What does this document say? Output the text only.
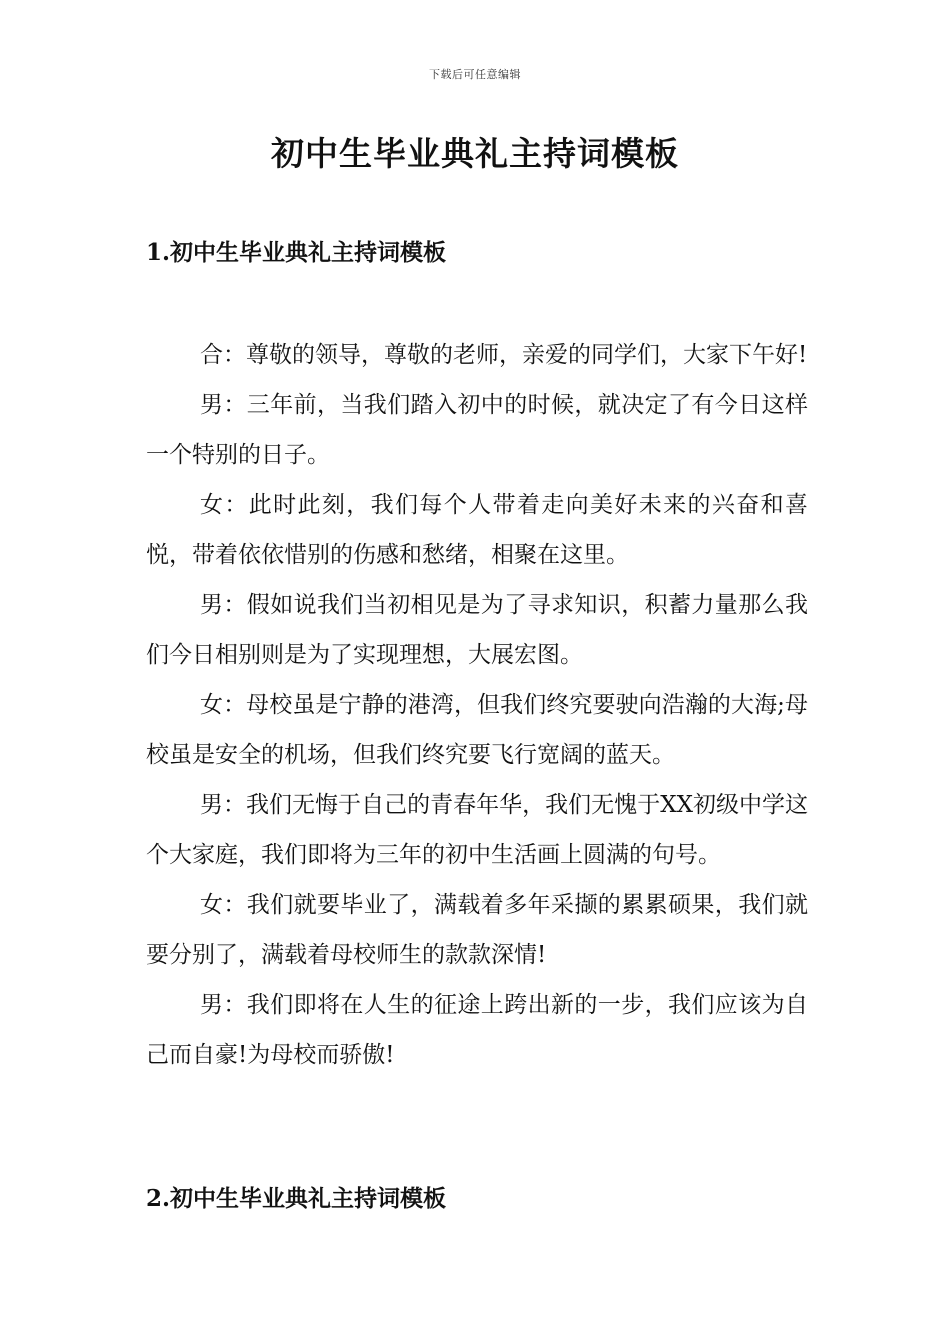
下载后可任意编辑
初中生毕业典礼主持词模板
1.初中生毕业典礼主持词模板

合：尊敬的领导，尊敬的老师，亲爱的同学们，大家下午好!

男：三年前，当我们踏入初中的时候，就决定了有今日这样一个特别的日子。

女：此时此刻，我们每个人带着走向美好未来的兴奋和喜悦，带着依依惜别的伤感和愁绪，相聚在这里。

男：假如说我们当初相见是为了寻求知识，积蓄力量那么我们今日相别则是为了实现理想，大展宏图。

女：母校虽是宁静的港湾，但我们终究要驶向浩瀚的大海;母校虽是安全的机场，但我们终究要飞行宽阔的蓝天。

男：我们无悔于自己的青春年华，我们无愧于XX初级中学这个大家庭，我们即将为三年的初中生活画上圆满的句号。

女：我们就要毕业了，满载着多年采撷的累累硕果，我们就要分别了，满载着母校师生的款款深情!

男：我们即将在人生的征途上跨出新的一步，我们应该为自己而自豪!为母校而骄傲!

2.初中生毕业典礼主持词模板
